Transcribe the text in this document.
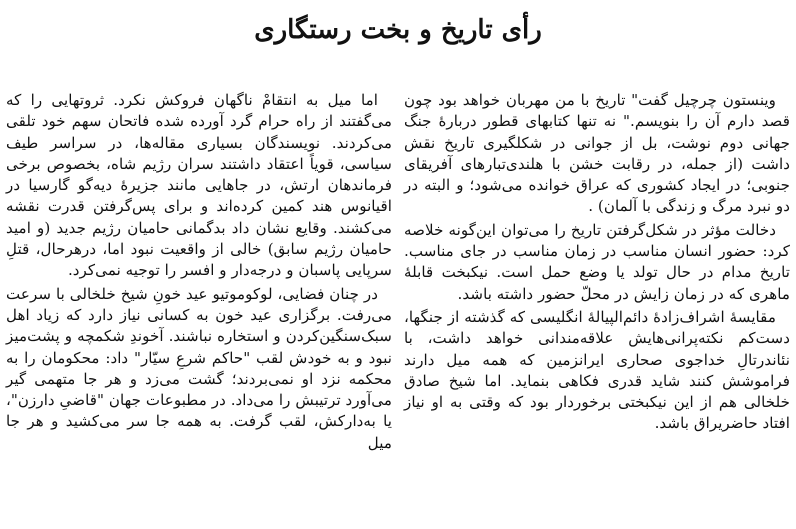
رأی تاریخ و بخت رستگاری

وینستون چرچیل گفت" تاریخ با من مهربان خواهد بود چون قصد دارم آن را بنویسم." نه تنها کتابهای قطور دربارهٔ جنگ جهانی دوم نوشت، بل از جوانی در شکلگیری تاریخ نقش داشت (از جمله، در رقابت خشن با هلندی‌تبارهای آفریقای جنوبی؛ در ایجاد کشوری که عراق خوانده می‌شود؛ و البته در دو نبرد مرگ و زندگی با آلمان) .

دخالت مؤثر در شکل‌گرفتن تاریخ را می‌توان این‌گونه خلاصه کرد: حضور انسان مناسب در زمان مناسب در جای مناسب. تاریخ مدام در حال تولد یا وضع حمل است. نیکبخت قابلهٔ ماهری که در زمان زایش در محلّ حضور داشته باشد.

مقایسهٔ اشراف‌زادهٔ دائم‌الپیالهٔ انگلیسی که گذشته از جنگها، دست‌کم نکته‌پرانی‌هایش علاقه‌مندانی خواهد داشت، با نئاندرتالِ خداجوی صحاری ایرانزمین که همه میل دارند فراموشش کنند شاید قدری فکاهی بنماید. اما شیخ صادق خلخالی هم از این نیکبختی برخوردار بود که وقتی به او نیاز افتاد حاضریراق باشد.

اما میل به انتقامْ ناگهان فروکش نکرد. ثروتهایی را که می‌گفتند از راه حرام گرد آورده شده فاتحان سهم خود تلقی می‌کردند. نویسندگان بسیاری مقاله‌ها، در سراسر طیف سیاسی، قویاً اعتقاد داشتند سران رژیم شاه، بخصوص برخی فرماندهان ارتش، در جاهایی مانند جزیرهٔ دیه‌گو گارسیا در اقیانوس هند کمین کرده‌اند و برای پس‌گرفتن قدرت نقشه می‌کشند. وقایع نشان داد بدگمانی حامیان رژیم جدید (و امید حامیان رژیم سابق) خالی از واقعیت نبود اما، درهرحال، قتلِ سرپایی پاسبان و درجه‌دار و افسر را توجیه نمی‌کرد.

در چنان فضایی، لوکوموتیو عید خونِ شیخ خلخالی با سرعت می‌رفت. برگزاری عید خون به کسانی نیاز دارد که زیاد اهل سبک‌سنگین‌کردن و استخاره نباشند. آخوندِ شکمچه و پشت‌میز نبود و به خودش لقب "حاکم شرعِ سیّار" داد: محکومان را به محکمه نزد او نمی‌بردند؛ گشت می‌زد و هر جا متهمی گیر می‌آورد ترتیبش را می‌داد. در مطبوعات جهان "قاضیِ دارزن"، یا به‌دارکش، لقب گرفت. به همه جا سر می‌کشید و هر جا میل
